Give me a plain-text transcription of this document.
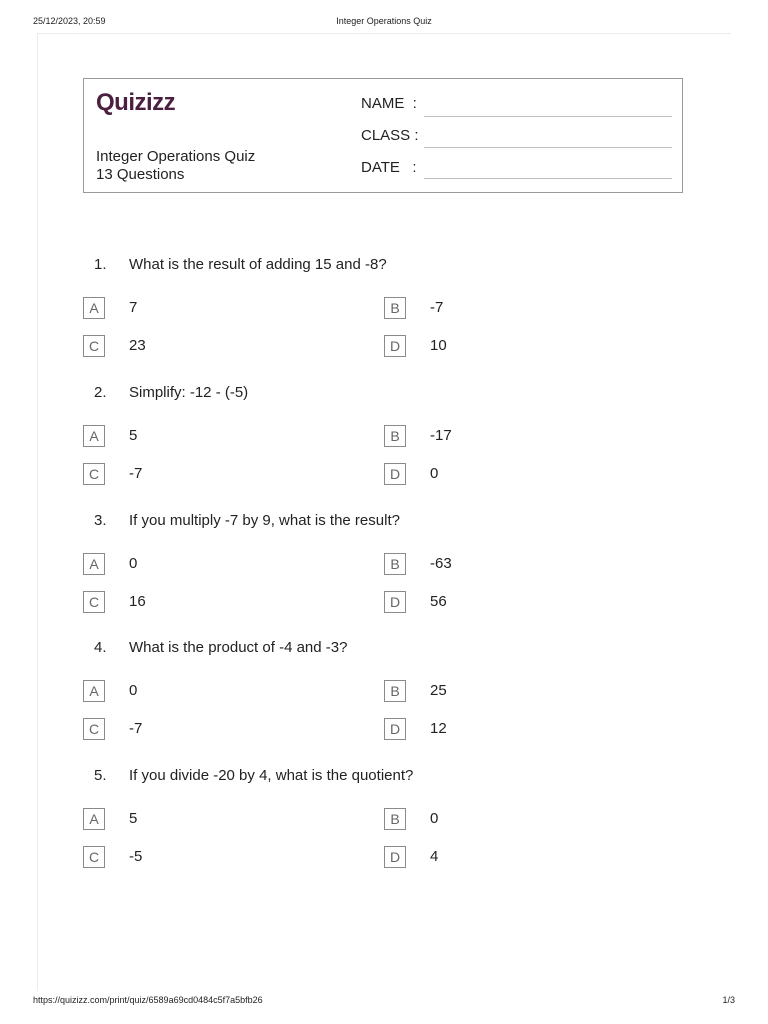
25/12/2023, 20:59	Integer Operations Quiz
Quizizz
Integer Operations Quiz
13 Questions
NAME  :
CLASS :
DATE   :
1. What is the result of adding 15 and -8?
A	7	B	-7
C	23	D	10
2. Simplify: -12 - (-5)
A	5	B	-17
C	-7	D	0
3. If you multiply -7 by 9, what is the result?
A	0	B	-63
C	16	D	56
4. What is the product of -4 and -3?
A	0	B	25
C	-7	D	12
5. If you divide -20 by 4, what is the quotient?
A	5	B	0
C	-5	D	4
https://quizizz.com/print/quiz/6589a69cd0484c5f7a5bfb26	1/3
